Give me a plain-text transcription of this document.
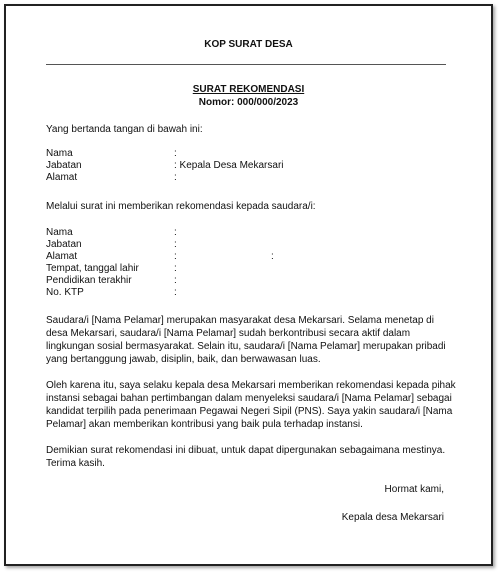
KOP SURAT DESA
SURAT REKOMENDASI
Nomor: 000/000/2023
Yang bertanda tangan di bawah ini:
Nama	:
Jabatan	: Kepala Desa Mekarsari
Alamat	:
Melalui surat ini memberikan rekomendasi kepada saudara/i:
Nama	:
Jabatan	:
Alamat	:	:
Tempat, tanggal lahir	:
Pendidikan terakhir	:
No. KTP	:
Saudara/i [Nama Pelamar] merupakan masyarakat desa Mekarsari. Selama menetap di
desa Mekarsari, saudara/i [Nama Pelamar] sudah berkontribusi secara aktif dalam
lingkungan sosial bermasyarakat. Selain itu, saudara/i [Nama Pelamar] merupakan pribadi
yang bertanggung jawab, disiplin, baik, dan berwawasan luas.
Oleh karena itu, saya selaku kepala desa Mekarsari memberikan rekomendasi kepada pihak
instansi sebagai bahan pertimbangan dalam menyeleksi saudara/i [Nama Pelamar] sebagai
kandidat terpilih pada penerimaan Pegawai Negeri Sipil (PNS). Saya yakin saudara/i [Nama
Pelamar] akan memberikan kontribusi yang baik pula terhadap instansi.
Demikian surat rekomendasi ini dibuat, untuk dapat dipergunakan sebagaimana mestinya.
Terima kasih.
Hormat kami,
Kepala desa Mekarsari
